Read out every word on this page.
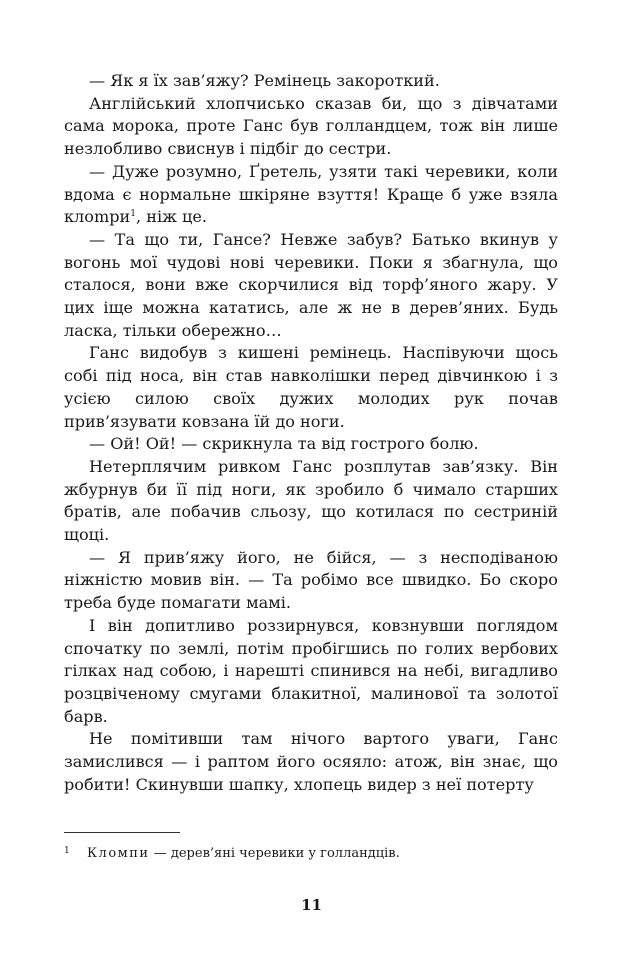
— Як я їх зав’яжу? Ремінець закороткий.

Англійський хлопчисько сказав би, що з дівчатами сама морока, проте Ганс був голландцем, тож він лише незлобливо свиснув і підбіг до сестри.

— Дуже розумно, Ґретель, узяти такі черевики, коли вдома є нормальне шкіряне взуття! Краще б уже взяла клompи$^1$, ніж це.

— Та що ти, Гансе? Невже забув? Батько вкинув у вогонь мої чудові нові черевики. Поки я збагнула, що сталося, вони вже скорчилися від торф’яного жару. У цих іще можна кататись, але ж не в дерев’яних. Будь ласка, тільки обережно…

Ганс видобув з кишені ремінець. Наспівуючи щось собі під носа, він став навколішки перед дівчинкою і з усією силою своїх дужих молодих рук почав прив’язувати ковзана їй до ноги.

— Ой! Ой! — скрикнула та від гострого болю.

Нетерплячим ривком Ганс розплутав зав’язку. Він жбурнув би її під ноги, як зробило б чимало старших братів, але побачив сльозу, що котилася по сестриній щоці.

— Я прив’яжу його, не бійся, — з несподіваною ніжністю мовив він. — Та робімо все швидко. Бо скоро треба буде помагати мамі.

І він допитливо роззирнувся, ковзнувши поглядом спочатку по землі, потім пробігшись по голих вербових гілках над собою, і нарешті спинився на небі, вигадливо розцвіченому смугами блакитної, малинової та золотої барв.

Не помітивши там нічого вартого уваги, Ганс замислився — і раптом його осяяло: атож, він знає, що робити! Скинувши шапку, хлопець видер з неї потерту

1 Клoмпи — дерев’яні черевики у голландців.
11
